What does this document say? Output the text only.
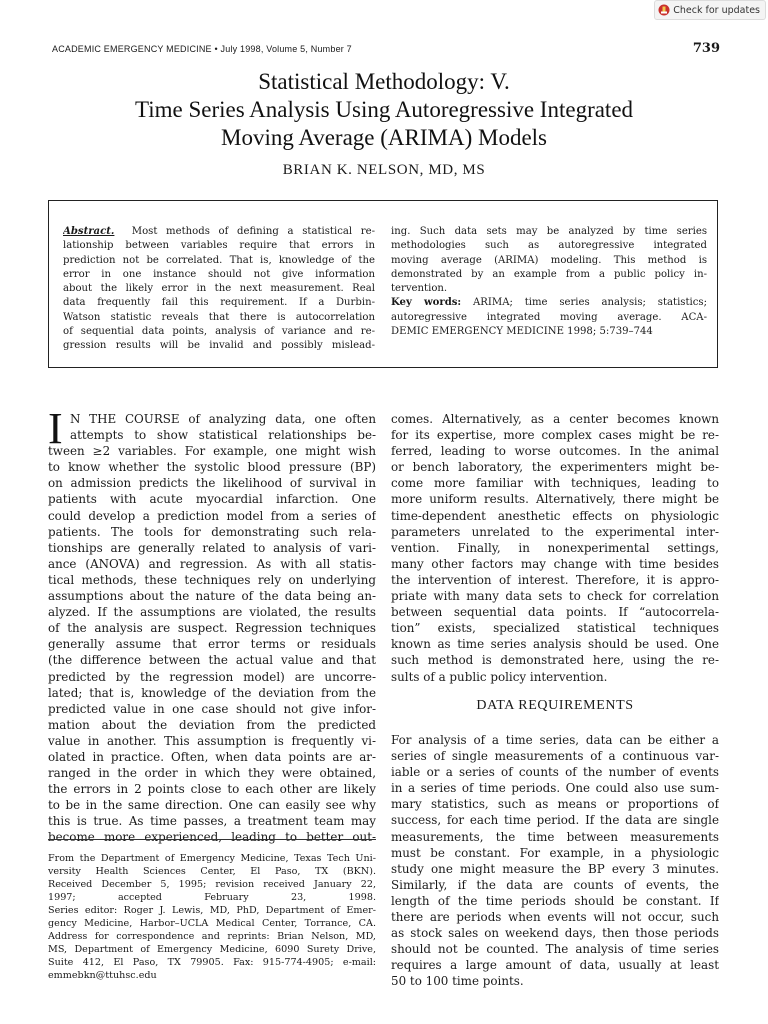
Check for updates
ACADEMIC EMERGENCY MEDICINE • July 1998, Volume 5, Number 7	739
Statistical Methodology: V.
Time Series Analysis Using Autoregressive Integrated
Moving Average (ARIMA) Models
BRIAN K. NELSON, MD, MS
Abstract. Most methods of defining a statistical re-
lationship between variables require that errors in
prediction not be correlated. That is, knowledge of the
error in one instance should not give information
about the likely error in the next measurement. Real
data frequently fail this requirement. If a Durbin-
Watson statistic reveals that there is autocorrelation
of sequential data points, analysis of variance and re-
gression results will be invalid and possibly mislead-
ing. Such data sets may be analyzed by time series
methodologies such as autoregressive integrated
moving average (ARIMA) modeling. This method is
demonstrated by an example from a public policy in-
tervention.
Key words: ARIMA; time series analysis; statistics;
autoregressive integrated moving average. ACA-
DEMIC EMERGENCY MEDICINE 1998; 5:739–744
I N THE COURSE of analyzing data, one often
attempts to show statistical relationships be-
tween ≥2 variables. For example, one might wish
to know whether the systolic blood pressure (BP)
on admission predicts the likelihood of survival in
patients with acute myocardial infarction. One
could develop a prediction model from a series of
patients. The tools for demonstrating such rela-
tionships are generally related to analysis of vari-
ance (ANOVA) and regression. As with all statis-
tical methods, these techniques rely on underlying
assumptions about the nature of the data being an-
alyzed. If the assumptions are violated, the results
of the analysis are suspect. Regression techniques
generally assume that error terms or residuals
(the difference between the actual value and that
predicted by the regression model) are uncorre-
lated; that is, knowledge of the deviation from the
predicted value in one case should not give infor-
mation about the deviation from the predicted
value in another. This assumption is frequently vi-
olated in practice. Often, when data points are ar-
ranged in the order in which they were obtained,
the errors in 2 points close to each other are likely
to be in the same direction. One can easily see why
this is true. As time passes, a treatment team may
become more experienced, leading to better out-
comes. Alternatively, as a center becomes known
for its expertise, more complex cases might be re-
ferred, leading to worse outcomes. In the animal
or bench laboratory, the experimenters might be-
come more familiar with techniques, leading to
more uniform results. Alternatively, there might be
time-dependent anesthetic effects on physiologic
parameters unrelated to the experimental inter-
vention. Finally, in nonexperimental settings,
many other factors may change with time besides
the intervention of interest. Therefore, it is appro-
priate with many data sets to check for correlation
between sequential data points. If “autocorrela-
tion” exists, specialized statistical techniques
known as time series analysis should be used. One
such method is demonstrated here, using the re-
sults of a public policy intervention.
DATA REQUIREMENTS
For analysis of a time series, data can be either a
series of single measurements of a continuous var-
iable or a series of counts of the number of events
in a series of time periods. One could also use sum-
mary statistics, such as means or proportions of
success, for each time period. If the data are single
measurements, the time between measurements
must be constant. For example, in a physiologic
study one might measure the BP every 3 minutes.
Similarly, if the data are counts of events, the
length of the time periods should be constant. If
there are periods when events will not occur, such
as stock sales on weekend days, then those periods
should not be counted. The analysis of time series
requires a large amount of data, usually at least
50 to 100 time points.
From the Department of Emergency Medicine, Texas Tech Uni-
versity Health Sciences Center, El Paso, TX (BKN).
Received December 5, 1995; revision received January 22,
1997; accepted February 23, 1998.
Series editor: Roger J. Lewis, MD, PhD, Department of Emer-
gency Medicine, Harbor–UCLA Medical Center, Torrance, CA.
Address for correspondence and reprints: Brian Nelson, MD,
MS, Department of Emergency Medicine, 6090 Surety Drive,
Suite 412, El Paso, TX 79905. Fax: 915-774-4905; e-mail:
emmebkn@ttuhsc.edu
